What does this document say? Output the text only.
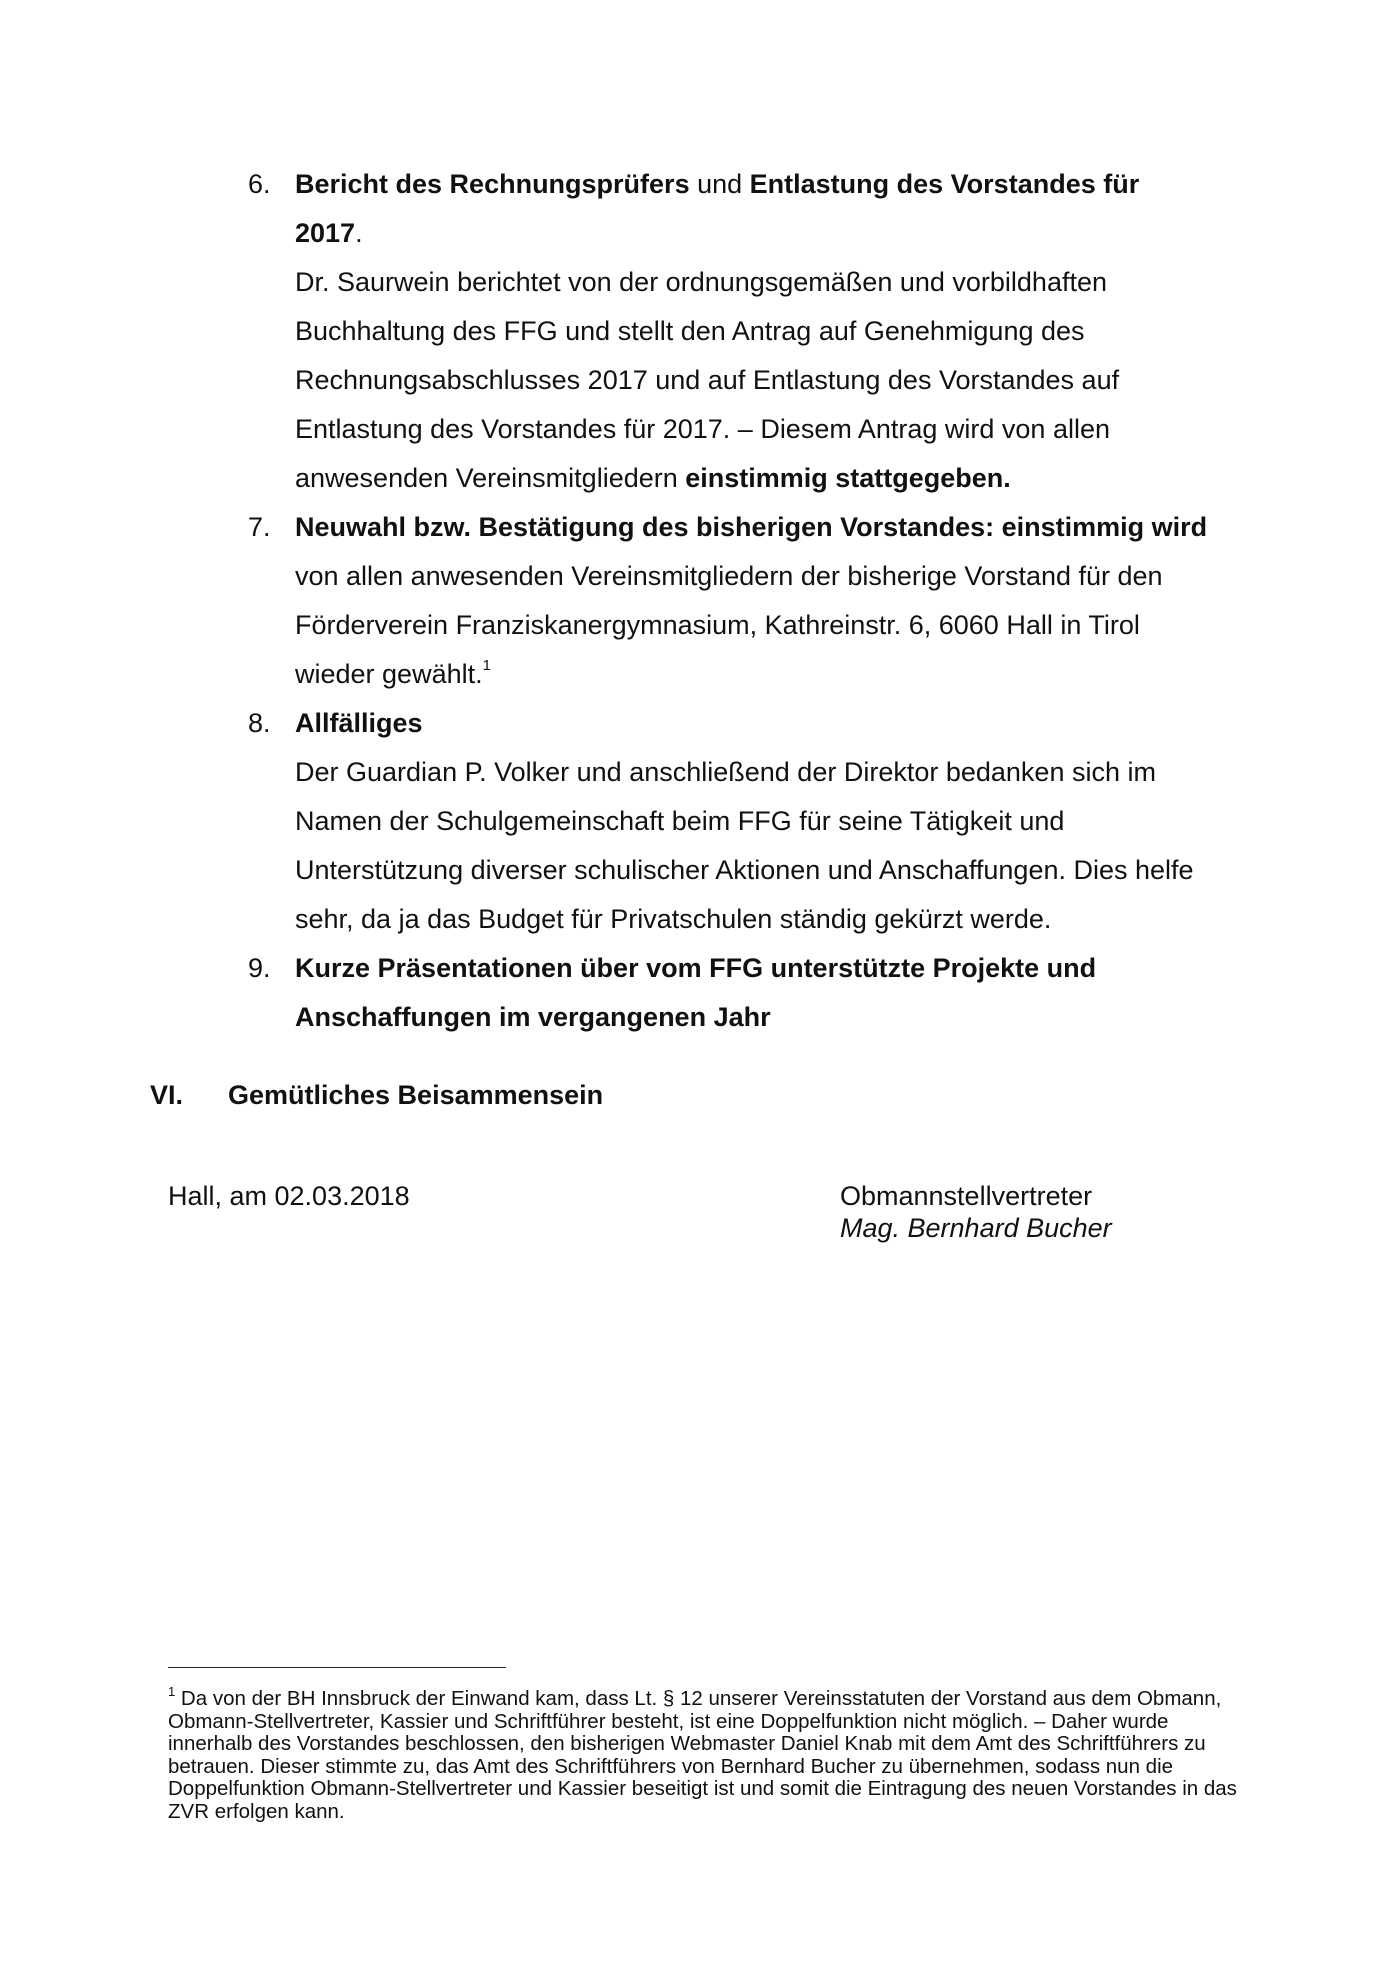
6. Bericht des Rechnungsprüfers und Entlastung des Vorstandes für 2017.
Dr. Saurwein berichtet von der ordnungsgemäßen und vorbildhaften Buchhaltung des FFG und stellt den Antrag auf Genehmigung des Rechnungsabschlusses 2017 und auf Entlastung des Vorstandes auf Entlastung des Vorstandes für 2017. – Diesem Antrag wird von allen anwesenden Vereinsmitgliedern einstimmig stattgegeben.
7. Neuwahl bzw. Bestätigung des bisherigen Vorstandes: einstimmig wird von allen anwesenden Vereinsmitgliedern der bisherige Vorstand für den Förderverein Franziskanergymnasium, Kathreinstr. 6, 6060 Hall in Tirol wieder gewählt.$^1$
8. Allfälliges
Der Guardian P. Volker und anschließend der Direktor bedanken sich im Namen der Schulgemeinschaft beim FFG für seine Tätigkeit und Unterstützung diverser schulischer Aktionen und Anschaffungen. Dies helfe sehr, da ja das Budget für Privatschulen ständig gekürzt werde.
9. Kurze Präsentationen über vom FFG unterstützte Projekte und Anschaffungen im vergangenen Jahr
VI. Gemütliches Beisammensein
Hall, am 02.03.2018	Obmannstellvertreter
Mag. Bernhard Bucher
$^1$ Da von der BH Innsbruck der Einwand kam, dass Lt. § 12 unserer Vereinsstatuten der Vorstand aus dem Obmann, Obmann-Stellvertreter, Kassier und Schriftführer besteht, ist eine Doppelfunktion nicht möglich. – Daher wurde innerhalb des Vorstandes beschlossen, den bisherigen Webmaster Daniel Knab mit dem Amt des Schriftführers zu betrauen. Dieser stimmte zu, das Amt des Schriftführers von Bernhard Bucher zu übernehmen, sodass nun die Doppelfunktion Obmann-Stellvertreter und Kassier beseitigt ist und somit die Eintragung des neuen Vorstandes in das ZVR erfolgen kann.
